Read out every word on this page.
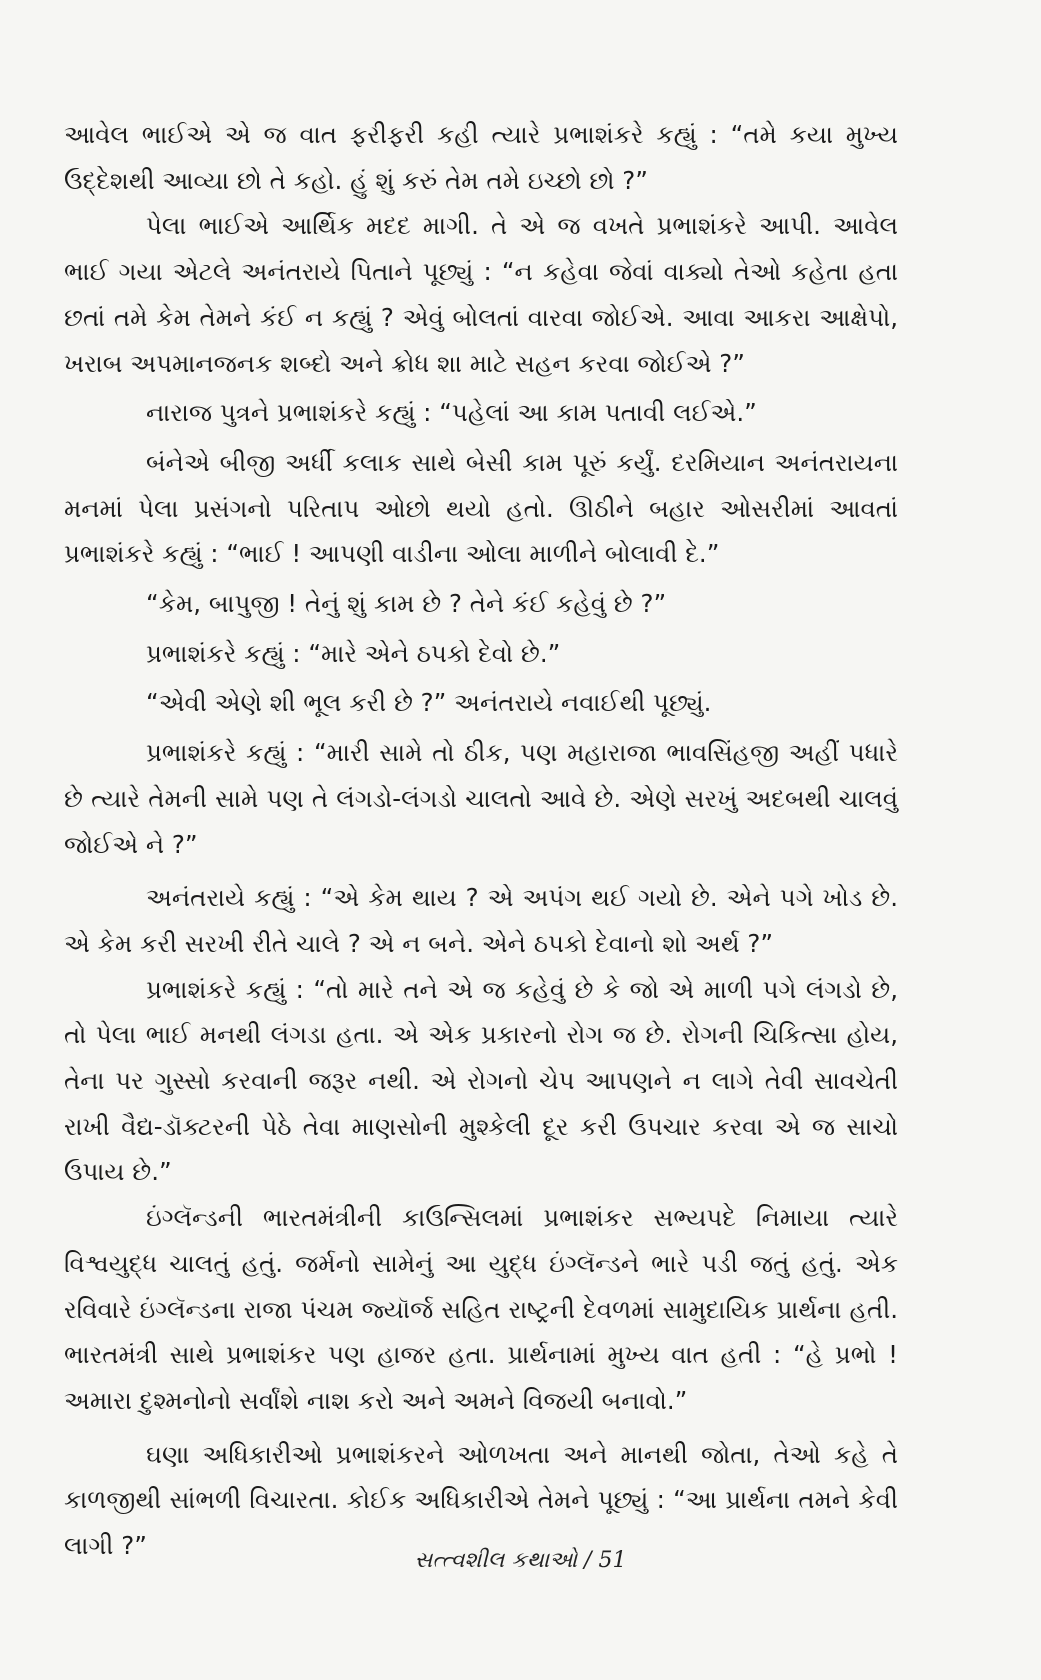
આવેલ ભાઈએ એ જ વાત ફરીફરી કહી ત્યારે પ્રભાશંકરે કહ્યું : “તમે કયા મુખ્ય ઉદ્દેશથી આવ્યા છો તે કહો. હું શું કરું તેમ તમે ઇચ્છો છો ?”

પેલા ભાઈએ આર્થિક મદદ માગી. તે એ જ વખતે પ્રભાશંકરે આપી. આવેલ ભાઈ ગયા એટલે અનંતરાયે પિતાને પૂછ્યું : “ન કહેવા જેવાં વાક્યો તેઓ કહેતા હતા છતાં તમે કેમ તેમને કંઈ ન કહ્યું ? એવું બોલતાં વારવા જોઈએ. આવા આકરા આક્ષેપો, ખરાબ અપમાનજનક શબ્દો અને ક્રોધ શા માટે સહન કરવા જોઈએ ?”

નારાજ પુત્રને પ્રભાશંકરે કહ્યું : “પહેલાં આ કામ પતાવી લઈએ.”

બંનેએ બીજી અર્ધી કલાક સાથે બેસી કામ પૂરું કર્યું. દરમિયાન અનંતરાયના મનમાં પેલા પ્રસંગનો પરિતાપ ઓછો થયો હતો. ઊઠીને બહાર ઓસરીમાં આવતાં પ્રભાશંકરે કહ્યું : “ભાઈ ! આપણી વાડીના ઓલા માળીને બોલાવી દે.”

“કેમ, બાપુજી ! તેનું શું કામ છે ? તેને કંઈ કહેવું છે ?”

પ્રભાશંકરે કહ્યું : “મારે એને ઠપકો દેવો છે.”

“એવી એણે શી ભૂલ કરી છે ?” અનંતરાયે નવાઈથી પૂછ્યું.

પ્રભાશંકરે કહ્યું : “મારી સામે તો ઠીક, પણ મહારાજા ભાવસિંહજી અહીં પધારે છે ત્યારે તેમની સામે પણ તે લંગડો-લંગડો ચાલતો આવે છે. એણે સરખું અદબથી ચાલવું જોઈએ ને ?”

અનંતરાયે કહ્યું : “એ કેમ થાય ? એ અપંગ થઈ ગયો છે. એને પગે ખોડ છે. એ કેમ કરી સરખી રીતે ચાલે ? એ ન બને. એને ઠપકો દેવાનો શો અર્થ ?”

પ્રભાશંકરે કહ્યું : “તો મારે તને એ જ કહેવું છે કે જો એ માળી પગે લંગડો છે, તો પેલા ભાઈ મનથી લંગડા હતા. એ એક પ્રકારનો રોગ જ છે. રોગની ચિકિત્સા હોય, તેના પર ગુસ્સો કરવાની જરૂર નથી. એ રોગનો ચેપ આપણને ન લાગે તેવી સાવચેતી રાખી વૈદ્ય-ડૉક્ટરની પેઠે તેવા માણસોની મુશ્કેલી દૂર કરી ઉપચાર કરવા એ જ સાચો ઉપાય છે.”

ઇંગ્લૅન્ડની ભારતમંત્રીની કાઉન્સિલમાં પ્રભાશંકર સભ્યપદે નિમાયા ત્યારે વિશ્વયુદ્ધ ચાલતું હતું. જર્મનો સામેનું આ યુદ્ધ ઇંગ્લૅન્ડને ભારે પડી જતું હતું. એક રવિવારે ઇંગ્લૅન્ડના રાજા પંચમ જ્યૉર્જ સહિત રાષ્ટ્રની દેવળમાં સામુદાયિક પ્રાર્થના હતી. ભારતમંત્રી સાથે પ્રભાશંકર પણ હાજર હતા. પ્રાર્થનામાં મુખ્ય વાત હતી : “હે પ્રભો ! અમારા દુશ્મનોનો સર્વાંશે નાશ કરો અને અમને વિજયી બનાવો.”

ઘણા અધિકારીઓ પ્રભાશંકરને ઓળખતા અને માનથી જોતા, તેઓ કહે તે કાળજીથી સાંભળી વિચારતા. કોઈક અધિકારીએ તેમને પૂછ્યું : “આ પ્રાર્થના તમને કેવી લાગી ?”

સત્ત્વશીલ કથાઓ / 51
